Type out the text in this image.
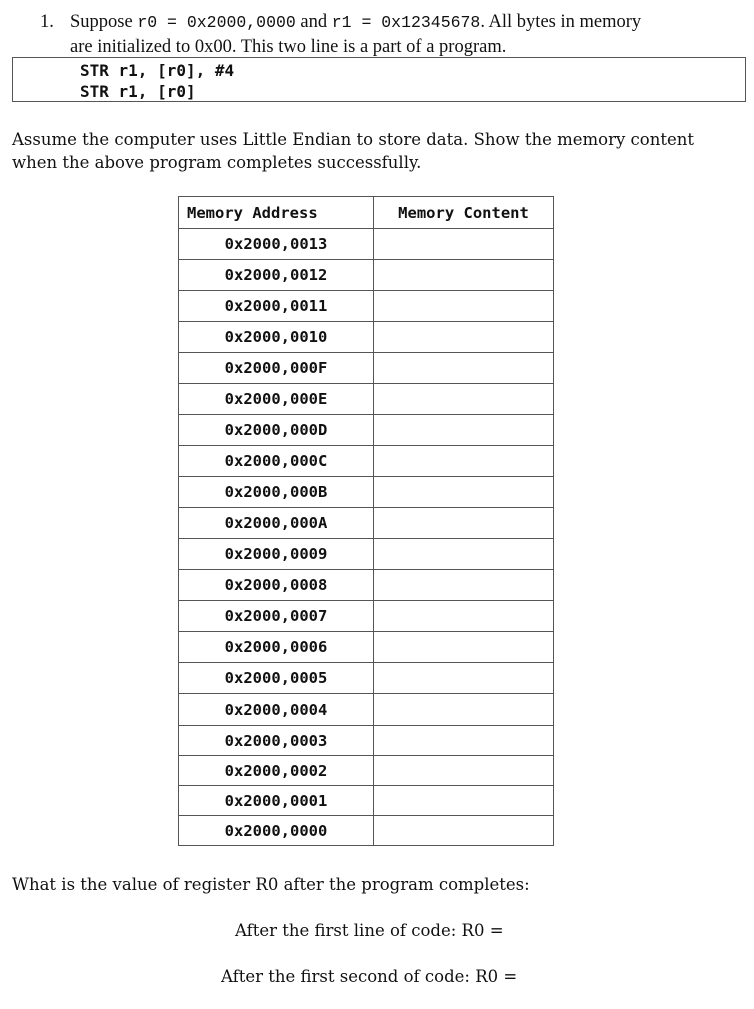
1. Suppose r0 = 0x2000,0000 and r1 = 0x12345678. All bytes in memory
are initialized to 0x00. This two line is a part of a program.
STR r1, [r0], #4
STR r1, [r0]
Assume the computer uses Little Endian to store data. Show the memory content
when the above program completes successfully.
Memory Address	Memory Content
0x2000,0013	
0x2000,0012	
0x2000,0011	
0x2000,0010	
0x2000,000F	
0x2000,000E	
0x2000,000D	
0x2000,000C	
0x2000,000B	
0x2000,000A	
0x2000,0009	
0x2000,0008	
0x2000,0007	
0x2000,0006	
0x2000,0005	
0x2000,0004	
0x2000,0003	
0x2000,0002	
0x2000,0001	
0x2000,0000	
What is the value of register R0 after the program completes:
After the first line of code: R0 =
After the first second of code: R0 =
